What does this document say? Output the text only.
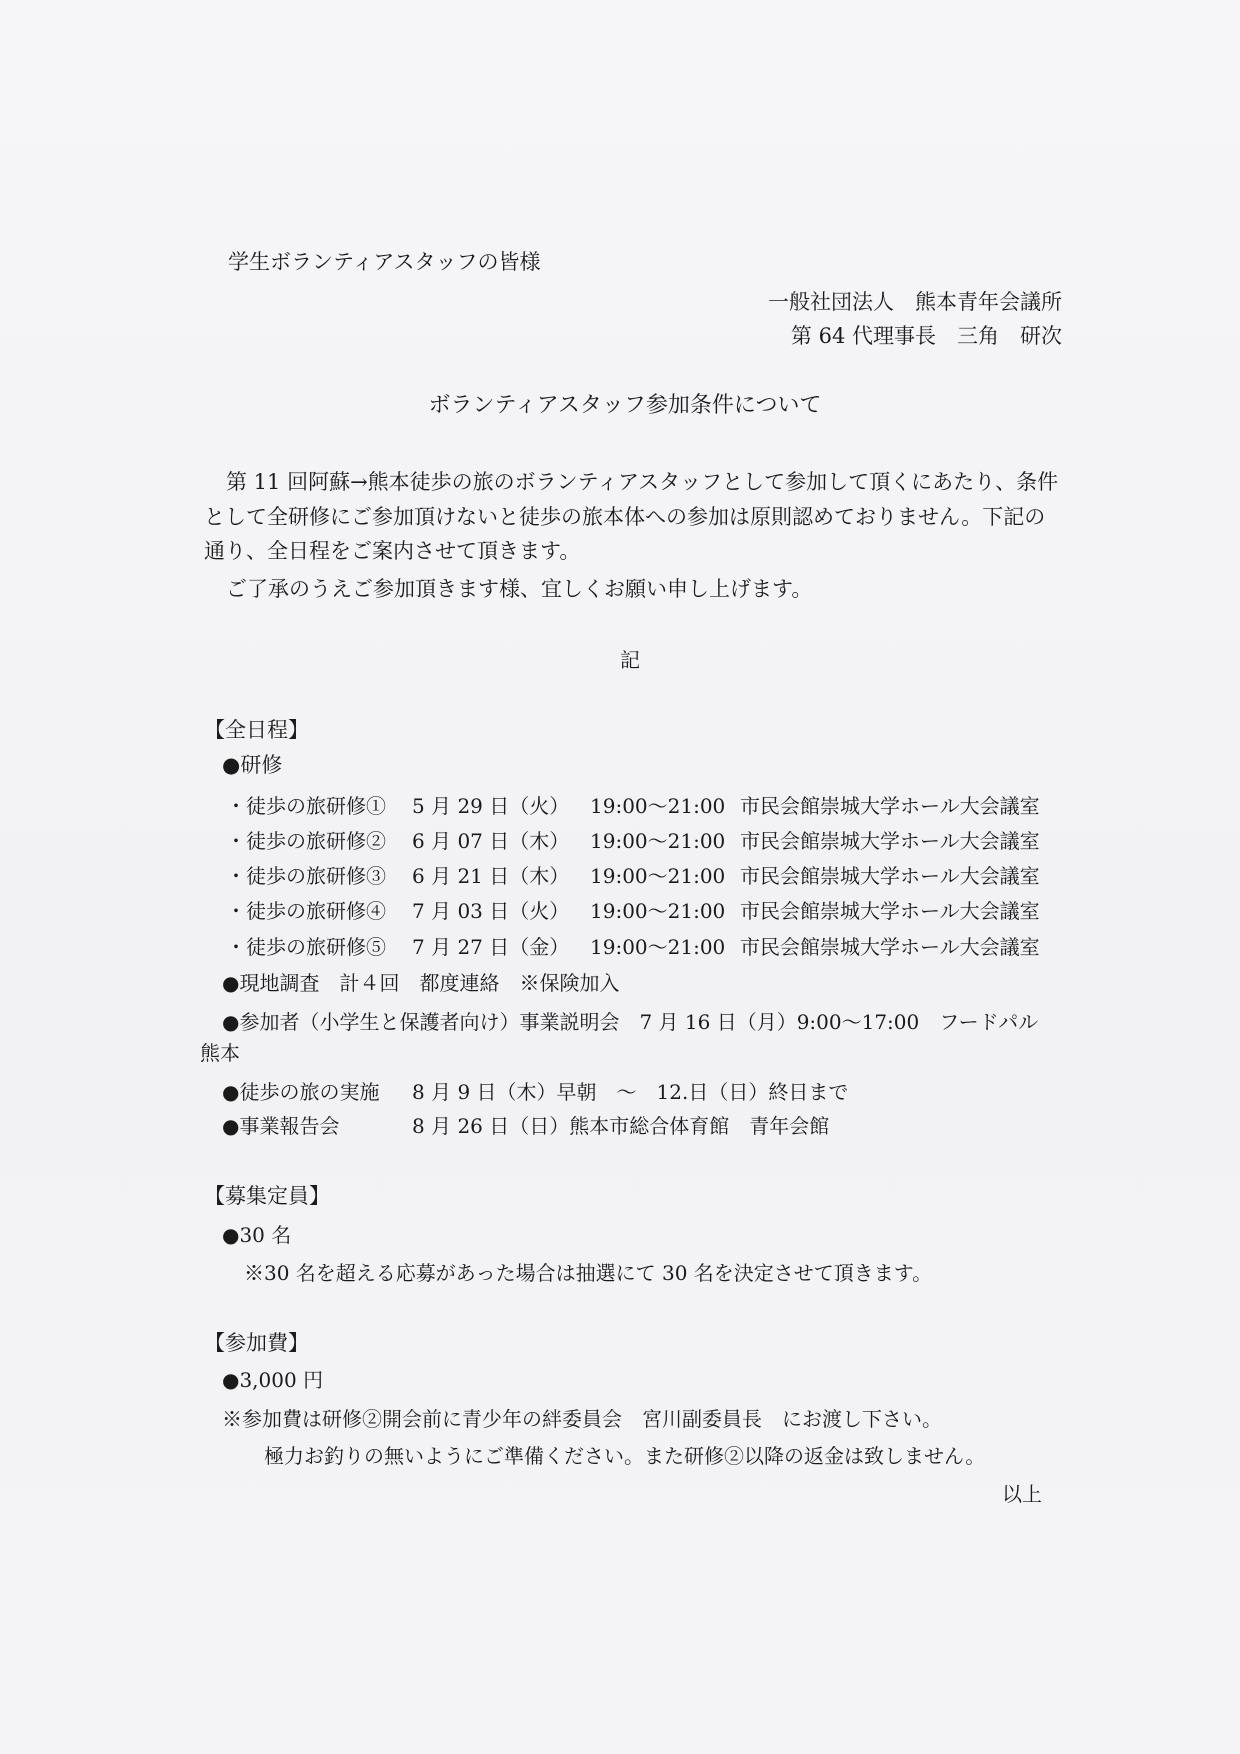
学生ボランティアスタッフの皆様
一般社団法人　熊本青年会議所
第 64 代理事長　三角　研次
ボランティアスタッフ参加条件について
第 11 回阿蘇→熊本徒歩の旅のボランティアスタッフとして参加して頂くにあたり、条件
として全研修にご参加頂けないと徒歩の旅本体への参加は原則認めておりません。下記の
通り、全日程をご案内させて頂きます。
ご了承のうえご参加頂きます様、宜しくお願い申し上げます。
記
【全日程】
●研修
・徒歩の旅研修① 5 月 29 日（火） 19:00～21:00 市民会館崇城大学ホール大会議室
・徒歩の旅研修② 6 月 07 日（木） 19:00～21:00 市民会館崇城大学ホール大会議室
・徒歩の旅研修③ 6 月 21 日（木） 19:00～21:00 市民会館崇城大学ホール大会議室
・徒歩の旅研修④ 7 月 03 日（火） 19:00～21:00 市民会館崇城大学ホール大会議室
・徒歩の旅研修⑤ 7 月 27 日（金） 19:00～21:00 市民会館崇城大学ホール大会議室
●現地調査　計４回　都度連絡　※保険加入
●参加者（小学生と保護者向け）事業説明会　7 月 16 日（月）9:00～17:00　フードパル
熊本
●徒歩の旅の実施 8 月 9 日（木）早朝　～　12.日（日）終日まで
●事業報告会	8 月 26 日（日）熊本市総合体育館　青年会館
【募集定員】
●30 名
※30 名を超える応募があった場合は抽選にて 30 名を決定させて頂きます。
【参加費】
●3,000 円
※参加費は研修②開会前に青少年の絆委員会　宮川副委員長　にお渡し下さい。
極力お釣りの無いようにご準備ください。また研修②以降の返金は致しません。
以上
